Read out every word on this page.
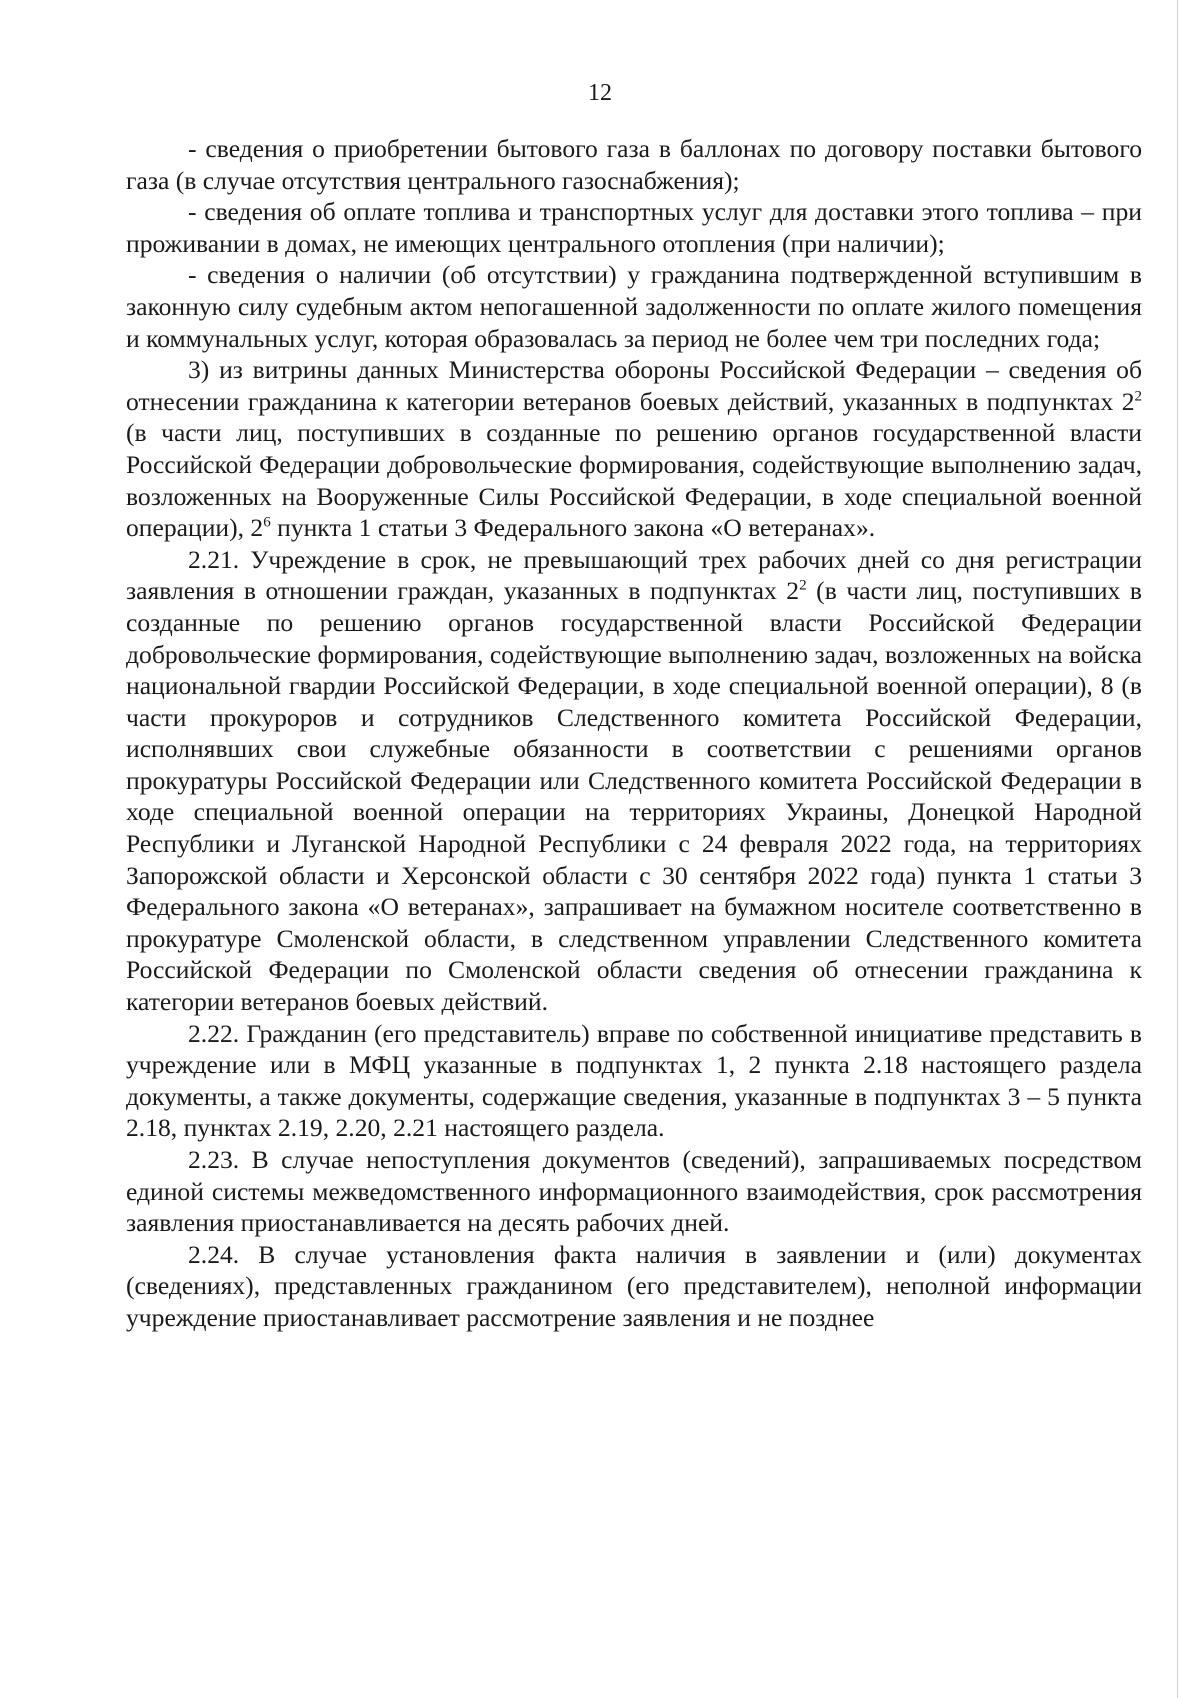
12

- сведения о приобретении бытового газа в баллонах по договору поставки бытового газа (в случае отсутствия центрального газоснабжения);

- сведения об оплате топлива и транспортных услуг для доставки этого топлива – при проживании в домах, не имеющих центрального отопления (при наличии);

- сведения о наличии (об отсутствии) у гражданина подтвержденной вступившим в законную силу судебным актом непогашенной задолженности по оплате жилого помещения и коммунальных услуг, которая образовалась за период не более чем три последних года;

3) из витрины данных Министерства обороны Российской Федерации – сведения об отнесении гражданина к категории ветеранов боевых действий, указанных в подпунктах $2^2$ (в части лиц, поступивших в созданные по решению органов государственной власти Российской Федерации добровольческие формирования, содействующие выполнению задач, возложенных на Вооруженные Силы Российской Федерации, в ходе специальной военной операции), $2^6$ пункта 1 статьи 3 Федерального закона «О ветеранах».

2.21. Учреждение в срок, не превышающий трех рабочих дней со дня регистрации заявления в отношении граждан, указанных в подпунктах $2^2$ (в части лиц, поступивших в созданные по решению органов государственной власти Российской Федерации добровольческие формирования, содействующие выполнению задач, возложенных на войска национальной гвардии Российской Федерации, в ходе специальной военной операции), 8 (в части прокуроров и сотрудников Следственного комитета Российской Федерации, исполнявших свои служебные обязанности в соответствии с решениями органов прокуратуры Российской Федерации или Следственного комитета Российской Федерации в ходе специальной военной операции на территориях Украины, Донецкой Народной Республики и Луганской Народной Республики с 24 февраля 2022 года, на территориях Запорожской области и Херсонской области с 30 сентября 2022 года) пункта 1 статьи 3 Федерального закона «О ветеранах», запрашивает на бумажном носителе соответственно в прокуратуре Смоленской области, в следственном управлении Следственного комитета Российской Федерации по Смоленской области сведения об отнесении гражданина к категории ветеранов боевых действий.

2.22. Гражданин (его представитель) вправе по собственной инициативе представить в учреждение или в МФЦ указанные в подпунктах 1, 2 пункта 2.18 настоящего раздела документы, а также документы, содержащие сведения, указанные в подпунктах 3 – 5 пункта 2.18, пунктах 2.19, 2.20, 2.21 настоящего раздела.

2.23. В случае непоступления документов (сведений), запрашиваемых посредством единой системы межведомственного информационного взаимодействия, срок рассмотрения заявления приостанавливается на десять рабочих дней.

2.24. В случае установления факта наличия в заявлении и (или) документах (сведениях), представленных гражданином (его представителем), неполной информации учреждение приостанавливает рассмотрение заявления и не позднее
